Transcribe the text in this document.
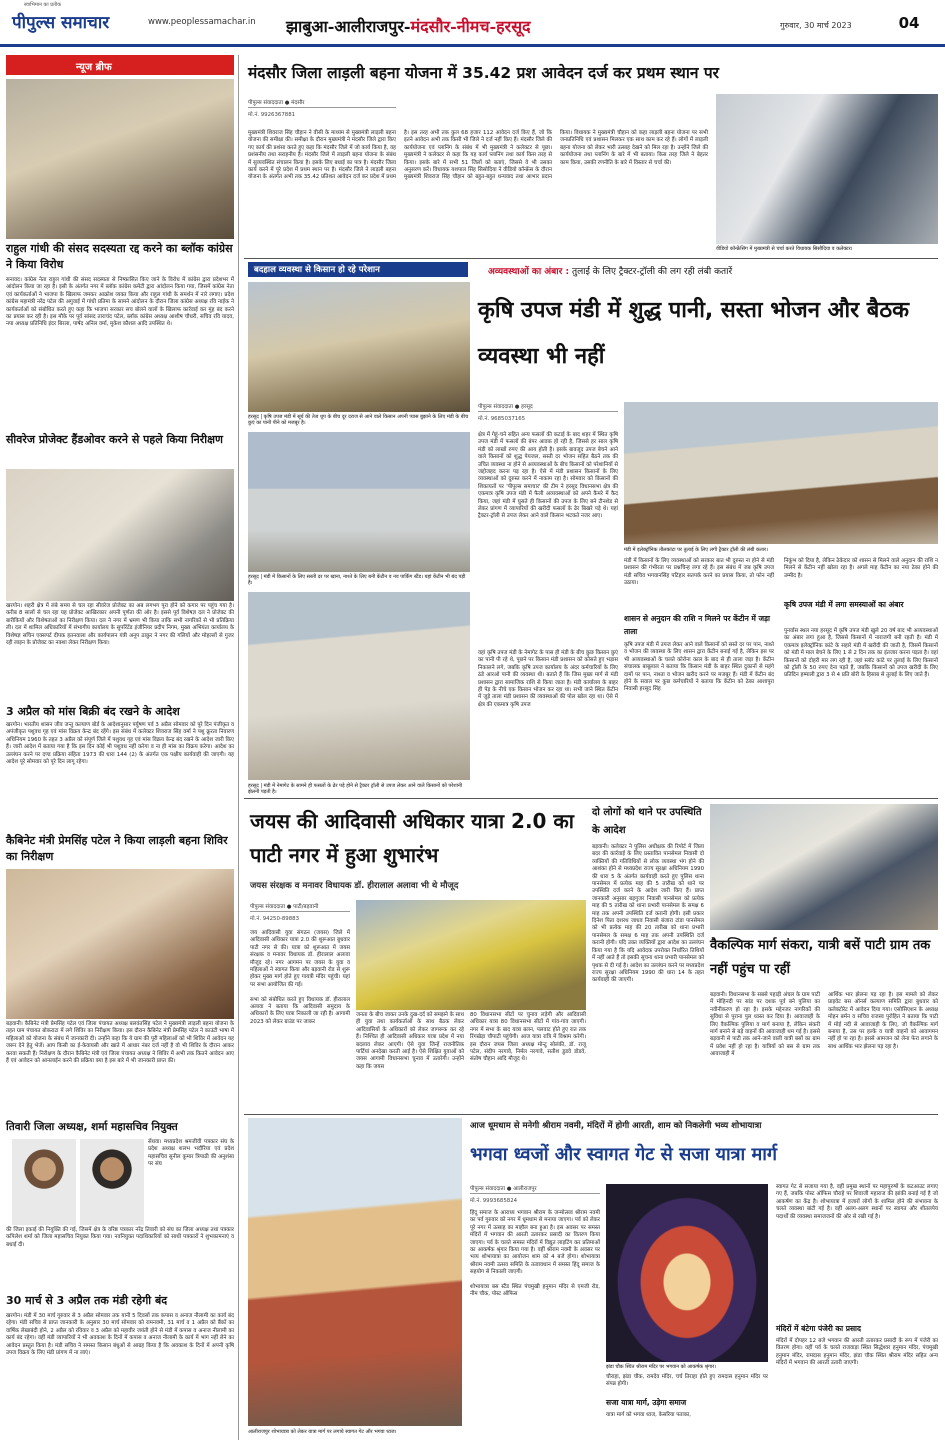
पीपुल्स समाचार
स्वाभिमान का प्रतीक
www.peoplessamachar.in झाबुआ-आलीराजपुर-मंदसौर-नीमच-हरसूद	गुरुवार, 30 मार्च 2023	04
न्यूज ब्रीफ
राहुल गांधी की संसद सदस्यता रद्द करने का ब्लॉक कांग्रेस ने किया विरोध
सनावद। कांग्रेस नेता राहुल गांधी की संसद सदस्यता से निष्कासित किए जाने के विरोध में कांग्रेस द्वारा प्रदेशभर में आंदोलन किया जा रहा है। इसी के अंतर्गत नगर में ब्लॉक कांग्रेस कमेटी द्वारा आंदोलन किया गया, जिसमें कांग्रेस नेता एवं कार्यकर्ताओं ने भाजपा के खिलाफ जमकर आक्रोश व्यक्त किया और राहुल गांधी के समर्थन में नारे लगाए। प्रदेश कांग्रेस महामंत्री नरेंद्र पटेल की अगुवाई में गांधी प्रतिमा के सामने आंदोलन के दौरान जिला कांग्रेस अध्यक्ष रवि नाईक ने कार्यकर्ताओं को संबोधित करते हुए कहा कि भाजपा सरकार सच बोलने वालों के खिलाफ कार्रवाई कर मुंह बंद करने का प्रयास कर रही है। इस मौके पर पूर्व सांसद ताराचंद पटेल, ब्लॉक कांग्रेस अध्यक्ष आशीष चौधरी, सचिव रवि यादव, नपा अध्यक्ष प्रतिनिधि इंदर बिरला, पार्षद अनिल वर्मा, मुकेश कौशल आदि उपस्थित थे।
सीवरेज प्रोजेक्ट हैंडओवर करने से पहले किया निरीक्षण
खरगोन। शहरी क्षेत्र में लंबे समय से चल रहा सीवरेज प्रोजेक्ट का अब लगभग पूरा होने को कगार पर पहुंच गया है। करीब 8 सालों से चल रहा यह प्रोजेक्ट आखिरकार अपनी पूर्णता की ओर है। इससे पूर्व विशेषज्ञ दल ने प्रोजेक्ट की बारीकियों और विशेषताओं का निरीक्षण किया। दल ने नगर में भ्रमण भी किया ताकि सभी नागरिकों से भी प्रतिक्रिया ली। दल में शामिल अधिकारियों में संभागीय कार्यालय के सुपरिंटेंड इंजीनियर प्रदीप निगम, मुख्य अभियंता कार्यालय के विशेषज्ञ सचिन एक्सपर्ट दीपक हतनवाला और कार्यपालन यंत्री अनूप ठाकुर ने नगर की गलियों और मोहल्लों से गुजर रही लाइन के प्रोजेक्ट का नक्शा लेकर निरीक्षण किया।
3 अप्रैल को मांस बिक्री बंद रखने के आदेश
खरगोन। भारतीय शासन जीव जन्तु कल्याण बोर्ड के आदेशानुसार पर्युषण पर्व 3 अप्रैल सोमवार को पूरे दिन पंजीकृत व अपंजीकृत पशुवध गृह एवं मांस विक्रय केन्द्र बंद रहेंगे। इस संबंध में कलेक्टर शिवराज सिंह वर्मा ने पशु क्रूरता निवारण अधिनियम 1960 के तहत 3 अप्रैल को संपूर्ण जिले में पशुवध गृह एवं मांस विक्रय केन्द्र बंद रखने के आदेश जारी किए हैं। जारी आदेश में बताया गया है कि इस दिन कोई भी पशुवध नहीं करेगा व ना ही मांस का विक्रय करेगा। आदेश का उल्लंघन करने पर दण्ड प्रक्रिया संहिता 1973 की धारा 144 (2) के अंतर्गत एक पक्षीय कार्यवाही की जाएगी। यह आदेश पूरे सोमवार को पूरे दिन लागू रहेगा।
कैबिनेट मंत्री प्रेमसिंह पटेल ने किया लाड़ली बहना शिविर का निरीक्षण
बड़वानी। कैबिनेट मंत्री प्रेमसिंह पटेल एवं जिला पंचायत अध्यक्ष बलवंतसिंह पटेल ने मुख्यमंत्री लाड़ली बहना योजना के तहत ग्राम पंचायत बोकराटा में लगे शिविर का निरीक्षण किया। इस दौरान कैबिनेट मंत्री प्रेमसिंह पटेल ने काउंटी भाषा में महिलाओं को योजना के संबंध में जानकारी दी। उन्होंने कहा कि ये ग्राम की पूरी महिलाओं को भी शिविर में आवेदन यह जरूर देने हेतु भेजें। आप किसी का ई-केवायसी और खाते में आधार नंबर दर्ज नहीं है वो भी शिविर के दौरान आकर करवा सकती हैं। निरीक्षण के दौरान कैबिनेट मंत्री एवं जिला पंचायत अध्यक्ष ने शिविर में अभी तक कितने आवेदन आए हैं एवं आवेदन को आनलाईन करने की प्रक्रिया क्या है इस बारे में भी जानकारी प्राप्त की।
तिवारी जिला अध्यक्ष, शर्मा महासचिव नियुक्त
सेंधवा। मध्यप्रदेश श्रमजीवी पत्रकार संघ के प्रदेश अध्यक्ष शलभ भदौरिया एवं प्रदेश महासचिव सुनील कुमार त्रिपाठी की अनुशंसा पर संघ
की जिला इकाई की नियुक्ति की गई, जिसमें क्षेत्र के वरिष्ठ पत्रकार नरेंद्र तिवारी को संघ का जिला अध्यक्ष तथा पत्रकार कपिलेश शर्मा को जिला महासचिव नियुक्त किया गया। नवनियुक्त पदाधिकारियों को साथी पत्रकारों ने शुभकामनाएं व बधाई दी।
30 मार्च से 3 अप्रैल तक मंडी रहेगी बंद
खरगोन। मंडी में 30 मार्च गुरुवार से 3 अप्रैल सोमवार तक यानी 5 दिवसों तक कपास व अनाज नीलामी का कार्य बंद रहेगा। मंडी सचिव से प्राप्त जानकारी के अनुसार 30 मार्च सोमवार को रामनवमी, 31 मार्च व 1 अप्रैल को बैंकों का वार्षिक लेखाबंदी होने, 2 अप्रैल को रविवार व 3 अप्रैल को महावीर जयंती होने से मंडी में कपास व अनाज नीलामी का कार्य बंद रहेगा। वहीं मंडी व्यापारियों ने भी अवकाश के दिनों में कपास व अनाज नीलामी के कार्य में भाग नहीं लेने का आवेदन प्रस्तुत किया है। मंडी सचिव ने समस्त किसान बंधुओं से आग्रह किया है कि अवकाश के दिनों में अपनी कृषि उपज विक्रय के लिए मंडी प्रांगण में ना लाएं।
मंदसौर जिला लाड़ली बहना योजना में 35.42 प्रश आवेदन दर्ज कर प्रथम स्थान पर
पीपुल्स संवाददाता ● मंदसौर
मो.नं. 9926367881
मुख्यमंत्री शिवराज सिंह चौहान ने वीसी के माध्यम से मुख्यमंत्री लाड़ली बहना योजना की समीक्षा की। समीक्षा के दौरान मुख्यमंत्री ने मंदसौर जिले द्वारा किए गए कार्य की प्रशंसा करते हुए कहा कि मंदसौर जिले में जो कार्य किया है, वह प्रशंसनीय तथा सराहनीय है। मंदसौर जिले में लाड़ली बहना योजना के संबंध में सुव्यवस्थित संचालन किया है। इसके लिए बधाई का पात्र है। मंदसौर जिला कार्य करने में पूरे प्रदेश में प्रथम स्थान पर है। मंदसौर जिले ने लाड़ली बहना योजना के अंतर्गत अभी तक 35.42 प्रतिशत आवेदन दर्ज कर प्रदेश में प्रथम है। इस तरह अभी तक कुल 68 हजार 112 आवेदन दर्ज किए हैं, जो कि इतने आवेदन अभी तक किसी भी जिले ने दर्ज नहीं किए हैं। मंदसौर जिले की कार्ययोजना एवं प्लानिंग के संबंध में भी मुख्यमंत्री ने कलेक्टर से पूछा। मुख्यमंत्री ने कलेक्टर से कहा कि यह कार्य प्लानिंग तथा कार्य किस तरह से किया। इसके बारे में सभी 51 जिलों को बताएं, जिससे वे भी उसका अनुसरण करें। विधायक यशपाल सिंह सिसोदिया ने वीडियो कॉन्फ्रेंस के दौरान मुख्यमंत्री शिवराज सिंह चौहान को बहुत-बहुत धन्यवाद तथा आभार प्रदान किया। विधायक ने मुख्यमंत्री चौहान को कहा लाड़ली बहना योजना पर सभी जनप्रतिनिधि एवं प्रशासन मिलकर एक साथ काम कर रहे हैं। लोगों में लाड़ली बहना योजना को लेकर भारी उत्साह देखने को मिल रहा है। उन्होंने जिले की कार्ययोजना तथा प्लानिंग के बारे में भी बताया। किस तरह जिले ने बेहतर काम किया, उसकी रणनीति के बारे में विस्तार से चर्चा की।
वीडियो कॉन्फ्रेंसिंग में मुख्यमंत्री से चर्चा करते विधायक सिसौदिया व कलेक्टर।
बदहाल व्यवस्था से किसान हो रहे परेशान	अव्यवस्थाओं का अंबार : तुलाई के लिए ट्रैक्टर-ट्रॉली की लग रही लंबी कतारें
कृषि उपज मंडी में शुद्ध पानी, सस्ता भोजन और बैठक व्यवस्था भी नहीं
हरसूद | कृषि उपज मंडी में सूर्य की तेज धूप के बीच दूर दराज से आने वाले किसान अपनी प्यास बुझाने के लिए मंडी के बीच कुएं का पानी पीने को मजबूर है।
हरसूद | मंडी में किसानों के लिए सस्ती दर पर खाना, नाश्ते के लिए बनी केंटीन व नव पार्किंग स्टैंड। यहां केंटीन भी बंद पड़ी है।
हरसूद | मंडी में नेमागेट के सामने ही फसलों के ढेर पड़े होने से ट्रैक्टर ट्रॉली से उपज लेकर आने वाले किसानों को परेशानी झेलनी पड़ती है।
पीपुल्स संवाददाता ● हरसूद
मो.नं. 9685037165
क्षेत्र में गेहूं-चने सहित अन्य फसलों की कटाई के बाद शहर में स्थित कृषि उपज मंडी में फसलों की बंपर आवक हो रही है, जिससे हर साल कृषि मंडी को लाखों रुपए की आय होती है। इसके बावजूद उपज बेचने आने वाले किसानों को शुद्ध पेयजल, सस्ती दर भोजन सहित बैठने तक की उचित व्यवस्था ना होने से अव्यवस्थाओं के बीच किसानों को परेशानियों से जद्दोजहद करना पड़ रहा है। ऐसे में मंडी प्रशासन किसानों के लिए व्यवस्थाओं को दुरुस्त करने में नाकाम रहा है। सोमवार को किसानों की शिकायतों पर 'पीपुल्स समाचार' की टीम ने हरसूद विधानसभा क्षेत्र की एकमात्र कृषि उपज मंडी में फैली अव्यवस्थाओं को अपने कैमरे में कैद किया, जहां मंडी में घुसते ही किसानों की उपज के लिए बने टीनशेड से लेकर प्रांगण में व्यापारियों की खरीदी फसलों के ढेर बिखरे पड़े थे। यहां ट्रैक्टर-ट्रॉली से उपज लेकर आने वाले किसान भटकते नजर आए।
वहां कृषि उपज मंडी के नेमागेट के पास ही मंडी के बीच कुछ किसान कुएं का पानी पी रहे थे, पूछने पर किसान मंडी प्रशासन को कोसते हुए भड़ास निकालने लगे, जबकि कृषि उपज कार्यालय के अंदर कर्मचारियों के लिए ठंडे आरओ पानी की व्यवस्था थी। बताते हैं कि जिस मुख्य मार्ग से मंडी प्रशासन द्वारा सामाजिक राशि से किया जाता है। मंडी कार्यालय के बाहर ही पेड़ के नीचे एक किसान भोजन कर रहा था। सभी जाने स्थित केंटीन में जुड़े ताला मंडी प्रशासन की व्यवस्थाओं की पोल खोल रहा था। ऐसे में क्षेत्र की एकमात्र कृषि उपज
मंडी में इलेक्ट्रॉनिक तौलकांटा पर तुलाई के लिए लगी ट्रैक्टर ट्रॉली की लंबी कतार।
मंडी में किसानों के लिए व्यवस्थाओं को सरकार बात भी दुरुस्त ना होने से मंडी प्रशासन की गंभीरता पर प्रश्नचिन्ह लगा रहे हैं। इस संबंध में जब कृषि उपज मंडी सचिव भगवानसिंह पटिहार सतपर्क करने का प्रयास किया, तो फोन नहीं उठाया।
शासन से अनुदान की राशि न मिलने पर केंटीन में जड़ा ताला
कृषि उपज मंडी में उपज लेकर आने वाले किसानों को सस्ते दर पर पान, नाश्ते व भोजन की व्यवस्था के लिए शासन द्वारा केंटीन बनाई गई है, लेकिन इस पर भी अव्यवस्थाओं के चलते कोरोना काल के बाद से ही ताला जड़ा है। केंटीन संचालक बाबूलाल ने बताया कि किसान मंडी के बाहर स्थित दुकानों से महंगे दामों पर पान, नाश्ता व भोजन खरीद करने पर मजबूर हैं। मंडी में केंटीन बंद होने के सवाल पर कुछ कर्मचारियों ने बताया कि केंटीन को ठेका आशापुरा निवासी हरसूद सिंह
निकुंभ को दिया है, लेकिन ठेकेदार को शासन से मिलने वाले अनुदान की राशि न मिलने से केंटीन नहीं खोला रहा है। अगले माह केंटीन का नया ठेका होने की उम्मीद है।
कृषि उपज मंडी में लगा समस्याओं का अंबार
पुनर्वास स्थल नया हरसूद में कृषि उपज मंडी खुले 20 वर्ष बाद भी अव्यवस्थाओं का अंबार लगा हुआ है, जिससे किसानों में नाराजगी बनी रहती है। मंडी में एकमात्र इलेक्ट्रॉनिक कांटे के सहारे मंडी में खरीदी की जाती है, जिसमें किसानों को मंडी में माल बेचने के लिए 1 से 2 दिन तक का इंतजार करना पड़ता है। वहां किसानों को दोहरी मार लग रही है, जहां स्लॉट कांटे पर तुलाई के लिए किसानों को ट्रॉली के 50 रुपए देना पड़ते हैं, जबकि किसानों को उपज खरीदी के लिए प्रतिदिन हम्माली द्वारा 3 से 4 प्रति बोरी के हिसाब से तुलाई के लिए जाते हैं।
जयस की आदिवासी अधिकार यात्रा 2.0 का पाटी नगर में हुआ शुभारंभ
जयस संरक्षक व मनावर विधायक डॉ. हीरालाल अलावा भी थे मौजूद
पीपुल्स संवाददाता ● पाटी/बड़वानी
मो.नं. 94250-89883
जय आदिवासी युवा संगठन (जयस) जिले में आदिवासी अधिकार यात्रा 2.0 की शुरूआत बुधवार पाटी नगर से की। यात्रा को शुरूआत में जयस संरक्षक व मनावर विधायक डॉ. हीरालाल अलावा मौजूद रहे। नगर आगमन पर जयस के युवा व महिलाओं ने स्वागत किया और बड़वानी रोड से शुरू होकर मुख्य मार्ग होते हुए गायत्री मंदिर पहुंची। यहां पर सभा आयोजित की गई।

सभा को संबोधित करते हुए विधायक डॉ. हीरालाल अलावा ने बताया कि आदिवासी समुदाय के अधिकारों के लिए यात्रा निकाली जा रही है। आगामी 2023 को लेकर ग्राउंड पर जाकर
जनता के बीच जाकर उनके दुख-दर्द को समझने के साथ ही युवा तथा कार्यकर्ताओं के साथ बैठक लेकर आदिवासियों के अधिकारों को लेकर जागरूक कर रहे हैं। निश्चित ही आदिवासी अधिकार यात्रा प्रदेश में नया बदलाव लेकर आएगी। ऐसे युवा जिन्हें राजनीतिक पार्टियां अनदेखा करती आई है। ऐसे शिक्षित युवाओं को जयस आगामी विधानसभा चुनाव में उतारेगी। उन्होंने कहा कि जयस
80 विधानसभा सीटों पर चुनाव लड़ेगी और आदिवासी अधिकार यात्रा 80 विधानसभा सीटों में गांव-गांव जाएगी। नगर में सभा के बाद यात्रा बलन, पलवाट होते हुए रात तक रिंगखेड़ा चौपाटी पहुंचेगी। आज यात्रा रात्रि में विश्राम करेगी। इस दौरान जयस जिला अध्यक्ष मोन्टू सोलंकी, डॉ. राजू पटेल, संदीप नरगावे, निर्मल नरगावे, सतीश डुडवे डोडवे, संतोष चौहान आदि मौजूद थे।
दो लोगों को थाने पर उपस्थिति के आदेश
बड़वानी। कलेक्टर ने पुलिस अधीक्षक की रिपोर्ट में जिला बदर की कार्रवाई के लिए प्रस्तावित पानसेमल निवासी दो व्यक्तियों की गतिविधियों से लोक व्यवस्था भंग होने की आशंका होने से मध्यप्रदेश राज्य सुरक्षा अधिनियम 1990 की धारा 5 के अंतर्गत कार्यवाही करते हुए पुलिस थाना पानसेमल में प्रत्येक माह की 5 तारीख को थाने पर उपस्थिति दर्ज करने के आदेश जारी किए हैं। प्राप्त जानकारी अनुसार बड़गुजर निवासी पानसेमल को प्रत्येक माह की 5 तारीख को थाना प्रभारी पानसेमल के समक्ष 6 माह तक अपनी उपस्थिति दर्ज करानी होगी। इसी प्रकार दिनेश पिता दशरथ जाधव निवासी बंजारा टांडा पानसेमल को भी प्रत्येक माह की 20 तारीख को थाना प्रभारी पानसेमल के समक्ष 6 माह तक अपनी उपस्थिति दर्ज करानी होगी। यदि उक्त व्यक्तियों द्वारा आदेश का उल्लंघन किया गया है कि यदि आवेदक उपरोक्त निर्धारित तिथियों में नहीं आते हैं तो इसकी सूचना थाना प्रभारी पानसेमल को पृथक से दी गई है। आदेश का उल्लंघन करने पर मध्यप्रदेश राज्य सुरक्षा अधिनियम 1990 की धारा 14 के तहत कार्यवाही की जाएगी।
वैकल्पिक मार्ग संकरा, यात्री बसें पाटी ग्राम तक नहीं पहुंच पा रहीं
बड़वानी। विधानसभा के सबसे पहाड़ी अंचल के ग्राम पाटी में मोहिनदी पर सांड पर दशक पूर्व बने पुलिया का नवीनीकरण हो रहा है। इसके मद्देनजर नागरिकों की सुविधा से पुराना पुल ध्वस्त कर दिया है। आवाजाही के लिए वैकल्पिक पुलिया व मार्ग बनाया है, लेकिन संकरी मार्ग बनाने से बड़े वाहनों की आवाजाही थम गई है। इससे बड़वानी से पाटी तक आने-जाने वाली यात्री बसों का ग्राम में प्रवेश नहीं हो रहा है। यात्रियों को बस से ग्राम तक आवाजाही में
आर्थिक भार झेलना पड़ रहा है। इस मामले को लेकर प्राइवेट बस ऑनर्स कल्याण समिति द्वारा बुधवार को कलेक्टोरेट में आवेदन दिया गया। एसोसिएशन के अध्यक्ष मोहन बर्मन व सचिव राजस्व पुरोहित ने बताया कि पाटी में मोई नदी से आवाजाही के लिए, जो वैकल्पिक मार्ग बनाया है, उस पर हल्के व यात्री वाहनों को आवागमन नहीं हो पा रहा है। इससे आमजन को लेना फेरा लगाने के साथ आर्थिक भार झेलना पड़ रहा है।
आलीराजपुर शोभायात्रा को लेकर यात्रा मार्ग पर लगाये स्वागत गेट और भगवा ध्वज।
आज धूमधाम से मनेगी श्रीराम नवमी, मंदिरों में होगी आरती, शाम को निकलेगी भव्य शोभायात्रा
भगवा ध्वजों और स्वागत गेट से सजा यात्रा मार्ग
पीपुल्स संवाददाता ● आलीराजपुर
मो.नं. 9993685824
हिंदू समाज के आराध्य भगवान श्रीराम के जन्मोत्सव श्रीराम नवमी का पर्व गुरुवार को नगर में धूमधाम से मनाया जाएगा। पर्व को लेकर पूरे नगर में उत्साह का माहौल बना हुआ है। इस अवसर पर समस्त मंदिरों में भगवान की आरती उतारकर प्रसादी का वितरण किया जाएगा। पर्व के चलते समस्त मंदिरों में विद्युत लाइटिंग कर प्रतिमाओं का आकर्षक श्रृंगार किया गया है। वहीं श्रीराम नवमी के अवसर पर भव्य शोभायात्रा का आयोजन शाम को 4 बजे होगा। शोभायात्रा श्रीराम नवमी उत्सव समिति के तत्वावधान में समस्त हिंदू समाज के सहयोग से निकाली जाएगी।

शोभायात्रा बस स्टैंड स्थित पंचमुखी हनुमान मंदिर से एमजी रोड, नीम चौक, पोस्ट ऑफिस
झंडा चौक स्थित श्रीराम मंदिर पर भगवान को आकर्षक श्रृंगार।
चौराहा, झंडा चौक, रामदेव मंदिर, चर्च तिराहा होते हुए रामदास हनुमान मंदिर पर संपन्न होगी।
सजा यात्रा मार्ग, उड़ेगा समाज
यात्रा मार्ग को भगवा ध्वज, केसरिया पताका,
स्वागत गेट से सजाया गया है, वहीं प्रमुख स्थानों पर महापुरुषों के कटआउट लगाए गए हैं, जबकि पोस्ट ऑफिस चौराहे पर शिवाजी महाराज की झांकी बनाई गई है जो आकर्षण का केंद्र है। शोभायात्रा में हजारों लोगों के शामिल होने की संभावना के चलते व्यवस्था बांटी गई है। वहीं अलग-अलग स्थानों पर स्वागत और शीतलपेय पदार्थों की व्यवस्था समाजजनों की ओर से रखी गई है।
मंदिरों में बंटेगा पंजेरी का प्रसाद
मंदिरों में दोपहर 12 बजे भगवान की आरती उतारकर प्रसादी के रूप में पंजेरी का वितरण होगा। वहीं पर्व के चलते राजवाड़ा स्थित सिद्धेश्वर हनुमान मंदिर, पंचमुखी हनुमान मंदिर, रामदास हनुमान मंदिर, झंडा चौक स्थित श्रीराम मंदिर सहित अन्य मंदिरों में भगवान की आरती उतारी जाएगी।
